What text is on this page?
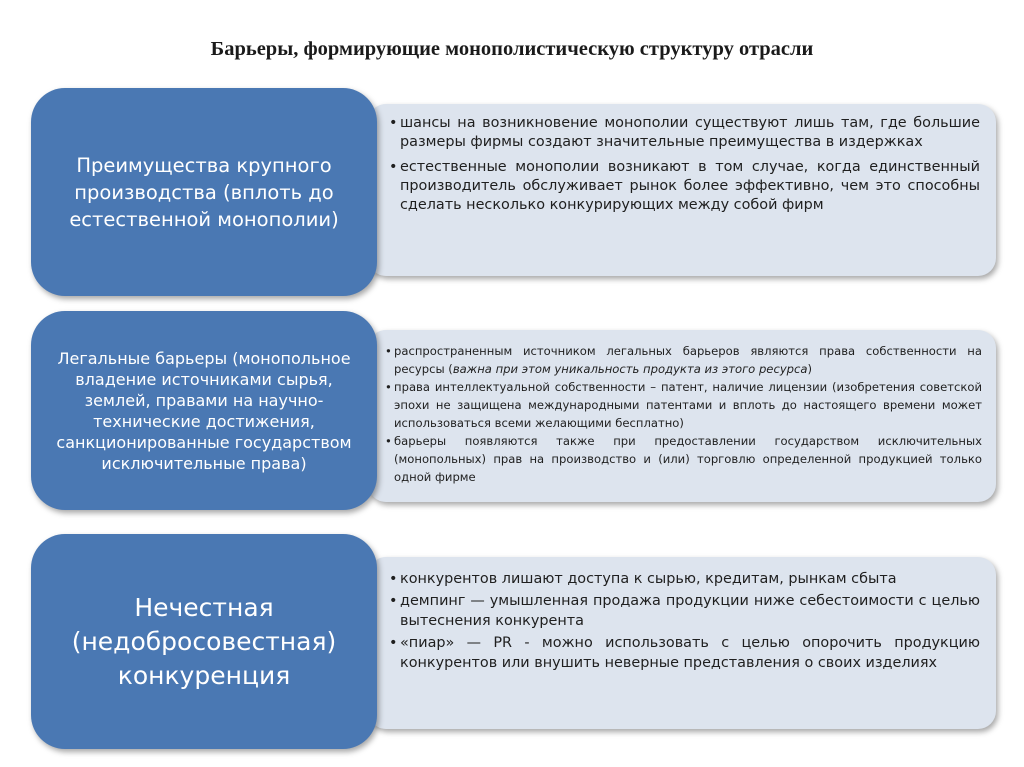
Барьеры, формирующие монополистическую структуру отрасли
• шансы на возникновение монополии существуют лишь там, где большие размеры фирмы создают значительные преимущества в издержках
• естественные монополии возникают в том случае, когда единственный производитель обслуживает рынок более эффективно, чем это способны сделать несколько конкурирующих между собой фирм
Преимущества крупного производства (вплоть до естественной монополии)
• распространенным источником легальных барьеров являются права собственности на ресурсы (важна при этом уникальность продукта из этого ресурса)
• права интеллектуальной собственности – патент, наличие лицензии (изобретения советской эпохи не защищена международными патентами и вплоть до настоящего времени может использоваться всеми желающими бесплатно)
• барьеры появляются также при предоставлении государством исключительных (монопольных) прав на производство и (или) торговлю определенной продукцией только одной фирме
Легальные барьеры (монопольное владение источниками сырья, землей, правами на научно-технические достижения, санкционированные государством исключительные права)
• конкурентов лишают доступа к сырью, кредитам, рынкам сбыта
• демпинг — умышленная продажа продукции ниже себестоимости с целью вытеснения конкурента
• «пиар» — PR - можно использовать с целью опорочить продукцию конкурентов или внушить неверные представления о своих изделиях
Нечестная (недобросовестная) конкуренция
